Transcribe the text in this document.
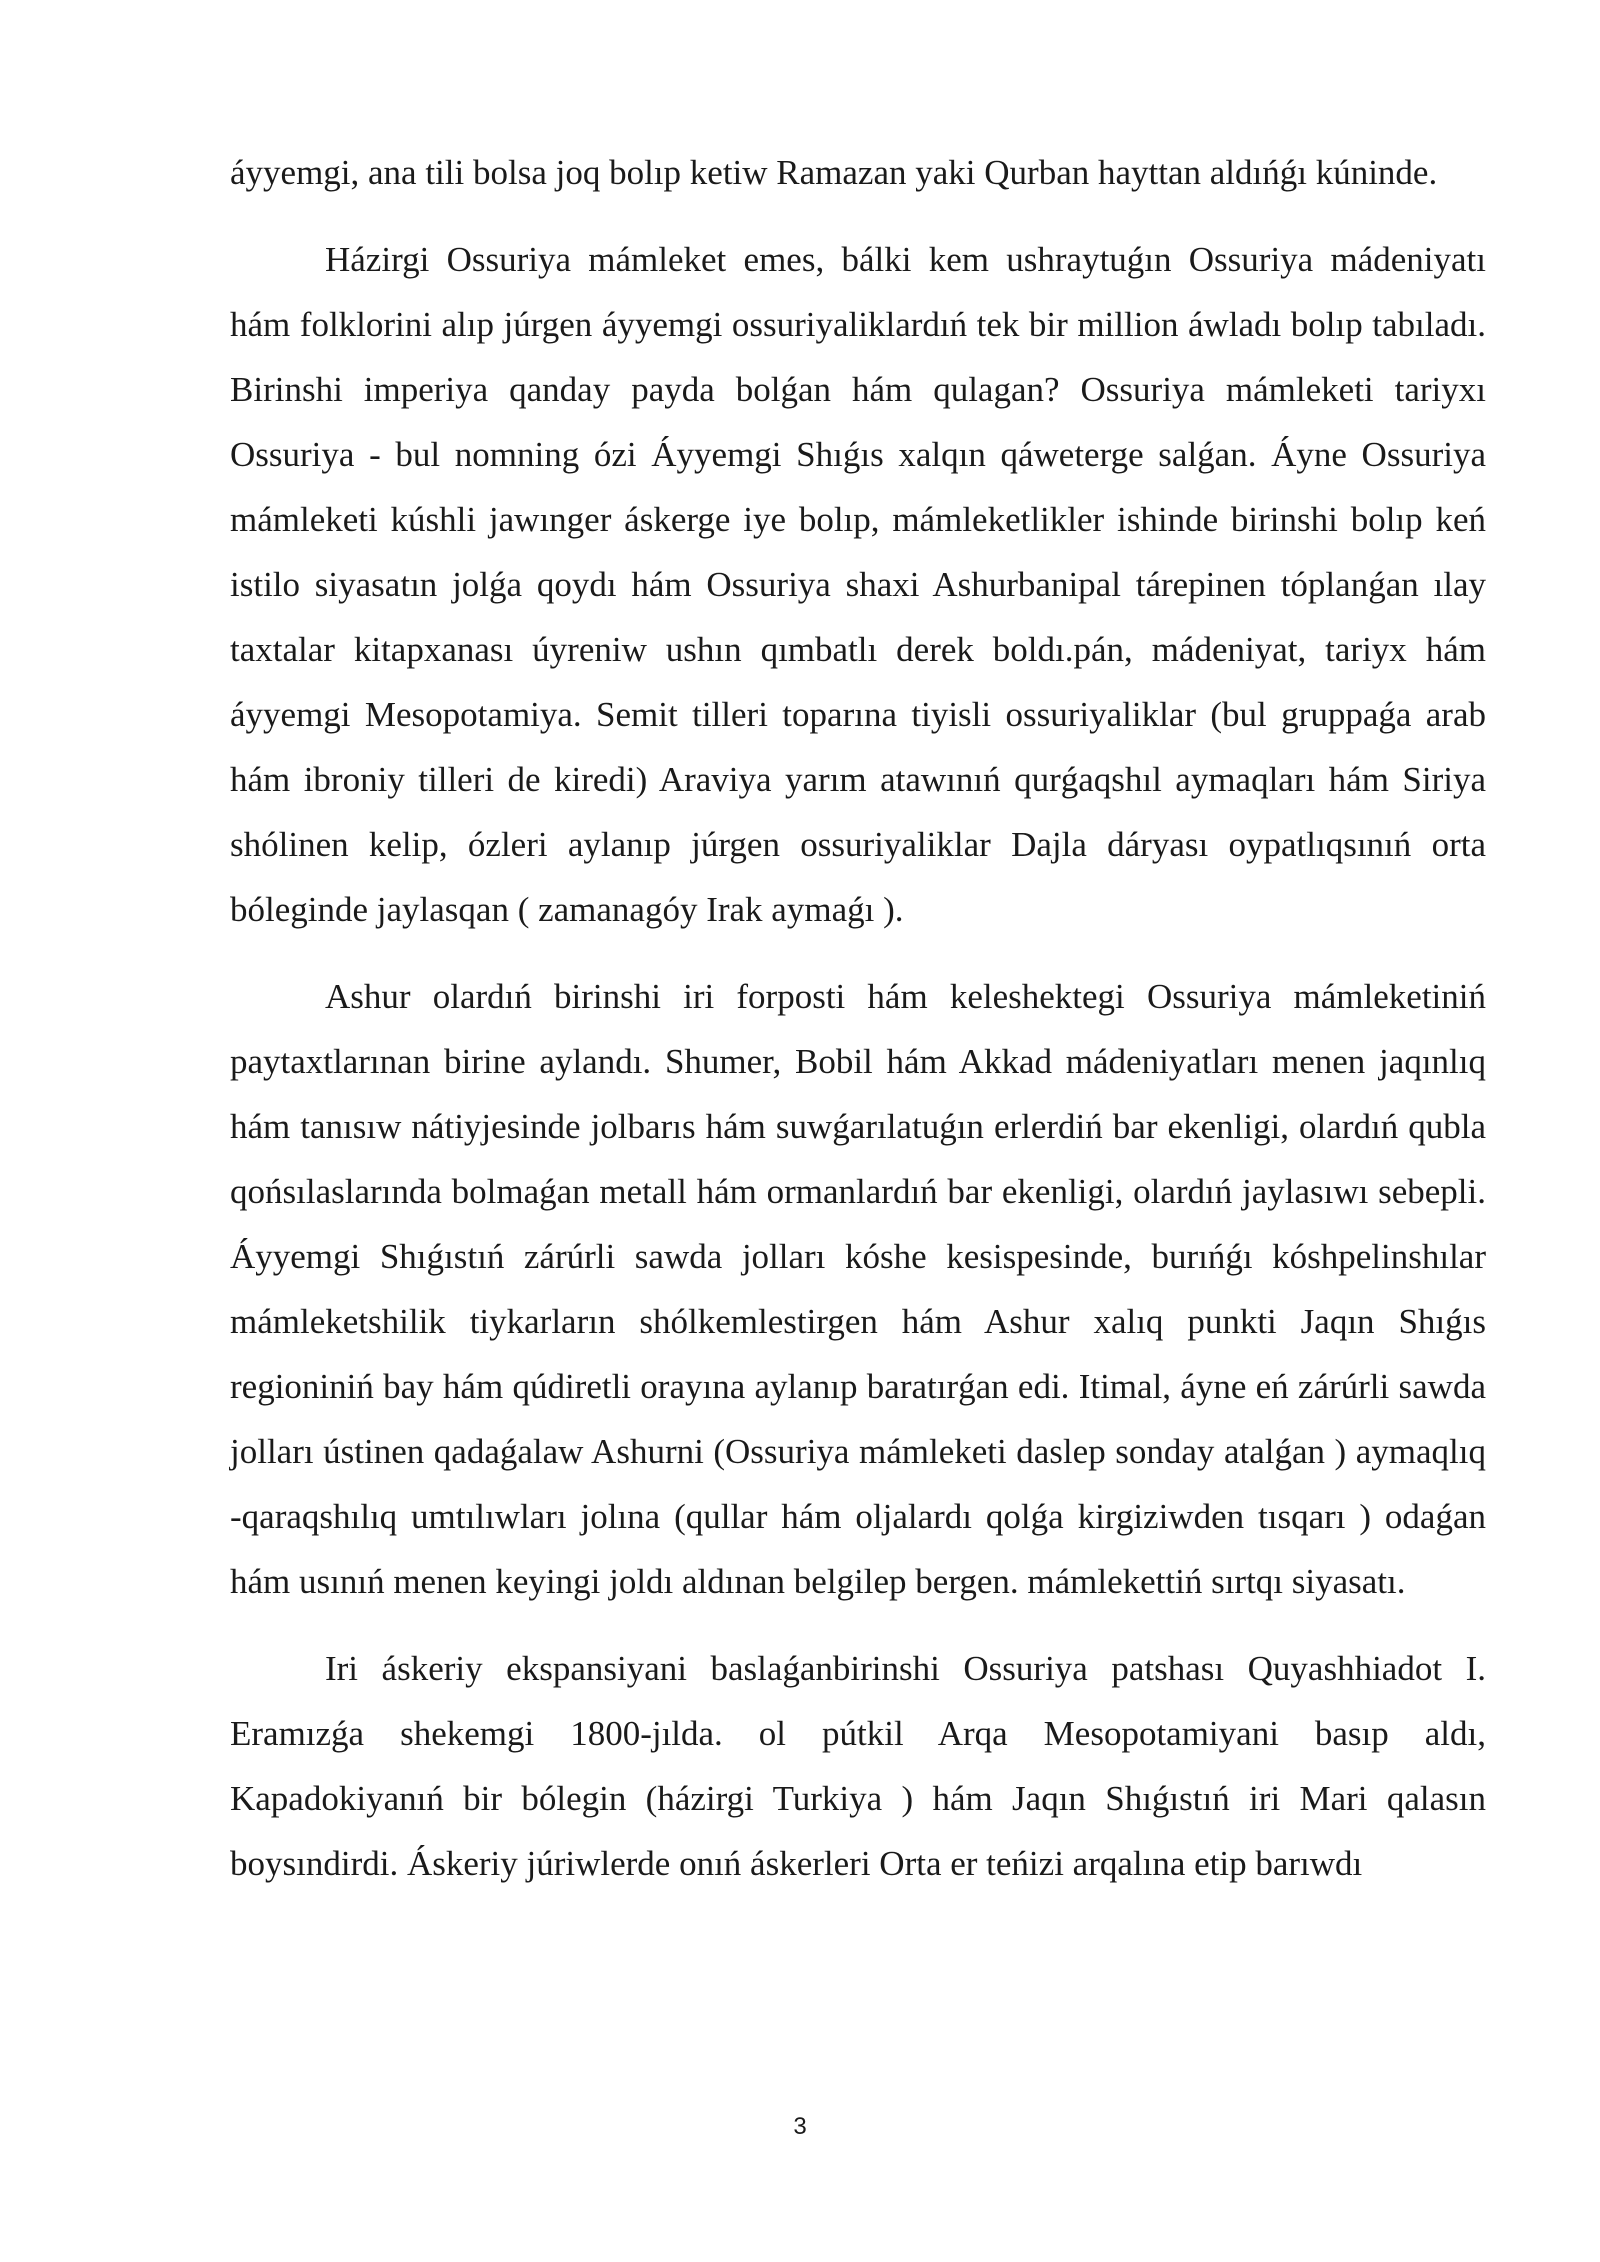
áyyemgi, ana tili bolsa joq bolıp ketiw Ramazan yaki Qurban hayttan aldıńǵı kúninde.

Házirgi Ossuriya mámleket emes, bálki kem ushraytuǵın Ossuriya mádeniyatı hám folklorini alıp júrgen áyyemgi ossuriyaliklardıń tek bir million áwladı bolıp tabıladı. Birinshi imperiya qanday payda bolǵan hám qulagan? Ossuriya mámleketi tariyxı Ossuriya - bul nomning ózi Áyyemgi Shıǵıs xalqın qáweterge salǵan. Áyne Ossuriya mámleketi kúshli jawınger áskerge iye bolıp, mámleketlikler ishinde birinshi bolıp keń istilo siyasatın jolǵa qoydı hám Ossuriya shaxi Ashurbanipal tárepinen tóplanǵan ılay taxtalar kitapxanası úyreniw ushın qımbatlı derek boldı.pán, mádeniyat, tariyx hám áyyemgi Mesopotamiya. Semit tilleri toparına tiyisli ossuriyaliklar (bul gruppaǵa arab hám ibroniy tilleri de kiredi) Araviya yarım atawınıń qurǵaqshıl aymaqları hám Siriya shólinen kelip, ózleri aylanıp júrgen ossuriyaliklar Dajla dáryası oypatlıqsınıń orta bóleginde jaylasqan ( zamanagóy Irak aymaǵı ).

Ashur olardıń birinshi iri forposti hám keleshektegi Ossuriya mámleketiniń paytaxtlarınan birine aylandı. Shumer, Bobil hám Akkad mádeniyatları menen jaqınlıq hám tanısıw nátiyjesinde jolbarıs hám suwǵarılatuǵın erlerdiń bar ekenligi, olardıń qubla qońsılaslarında bolmaǵan metall hám ormanlardıń bar ekenligi, olardıń jaylasıwı sebepli. Áyyemgi Shıǵıstıń zárúrli sawda jolları kóshe kesispesinde, burıńǵı kóshpelinshılar mámleketshilik tiykarların shólkemlestirgen hám Ashur xalıq punkti Jaqın Shıǵıs regioniniń bay hám qúdiretli orayına aylanıp baratırǵan edi. Itimal, áyne eń zárúrli sawda jolları ústinen qadaǵalaw Ashurni (Ossuriya mámleketi daslep sonday atalǵan ) aymaqlıq -qaraqshılıq umtılıwları jolına (qullar hám oljalardı qolǵa kirgiziwden tısqarı ) odaǵan hám usınıń menen keyingi joldı aldınan belgilep bergen. mámlekettiń sırtqı siyasatı.

Iri áskeriy ekspansiyani baslaǵanbirinshi Ossuriya patshası Quyashhiadot I. Eramızǵa shekemgi 1800-jılda. ol pútkil Arqa Mesopotamiyani basıp aldı, Kapadokiyanıń bir bólegin (házirgi Turkiya ) hám Jaqın Shıǵıstıń iri Mari qalasın boysındirdi. Áskeriy júriwlerde onıń áskerleri Orta er teńizi arqalına etip barıwdı

3
